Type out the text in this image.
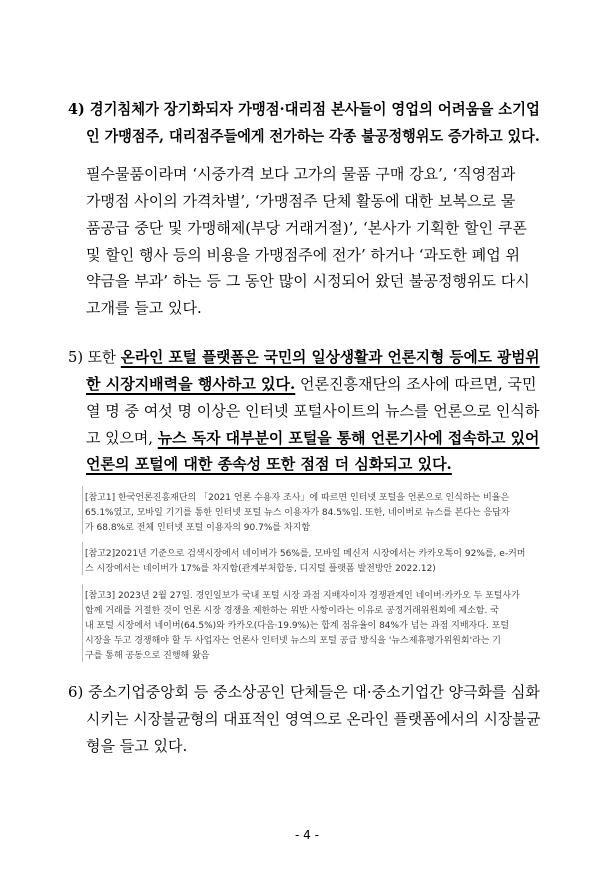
4) 경기침체가 장기화되자 가맹점·대리점 본사들이 영업의 어려움을 소기업
인 가맹점주, 대리점주들에게 전가하는 각종 불공정행위도 증가하고 있다.
필수물품이라며 ‘시중가격 보다 고가의 물품 구매 강요’, ‘직영점과
가맹점 사이의 가격차별’, ‘가맹점주 단체 활동에 대한 보복으로 물
품공급 중단 및 가맹해제(부당 거래거절)’, ‘본사가 기획한 할인 쿠폰
및 할인 행사 등의 비용을 가맹점주에 전가’ 하거나 ‘과도한 폐업 위
약금을 부과’ 하는 등 그 동안 많이 시정되어 왔던 불공정행위도 다시
고개를 들고 있다.
5) 또한 온라인 포털 플랫폼은 국민의 일상생활과 언론지형 등에도 광범위
한 시장지배력을 행사하고 있다. 언론진흥재단의 조사에 따르면, 국민
열 명 중 여섯 명 이상은 인터넷 포털사이트의 뉴스를 언론으로 인식하
고 있으며, 뉴스 독자 대부분이 포털을 통해 언론기사에 접속하고 있어
언론의 포털에 대한 종속성 또한 점점 더 심화되고 있다.
[참고1] 한국언론진흥재단의 「2021 언론 수용자 조사」에 따르면 인터넷 포털을 언론으로 인식하는 비율은
65.1%였고, 모바일 기기를 통한 인터넷 포털 뉴스 이용자가 84.5%임. 또한, 네이버로 뉴스를 본다는 응답자
가 68.8%로 전체 인터넷 포털 이용자의 90.7%를 차지함
[참고2]2021년 기준으로 검색시장에서 네이버가 56%를, 모바일 메신저 시장에서는 카카오톡이 92%를, e-커머
스 시장에서는 네이버가 17%를 차지함(관계부처합동, 디지털 플랫폼 발전방안 2022.12)
[참고3] 2023년 2월 27일. 경인일보가 국내 포털 시장 과점 지배자이자 경쟁관계인 네이버·카카오 두 포털사가
함께 거래를 거절한 것이 언론 시장 경쟁을 제한하는 위반 사항이라는 이유로 공정거래위원회에 제소함. 국
내 포털 시장에서 네이버(64.5%)와 카카오(다음·19.9%)는 합계 점유율이 84%가 넘는 과점 지배자다. 포털
시장을 두고 경쟁해야 할 두 사업자는 언론사 인터넷 뉴스의 포털 공급 방식을 '뉴스제휴평가위원회'라는 기
구를 통해 공동으로 진행해 왔음
6) 중소기업중앙회 등 중소상공인 단체들은 대·중소기업간 양극화를 심화
시키는 시장불균형의 대표적인 영역으로 온라인 플랫폼에서의 시장불균
형을 들고 있다.
- 4 -
